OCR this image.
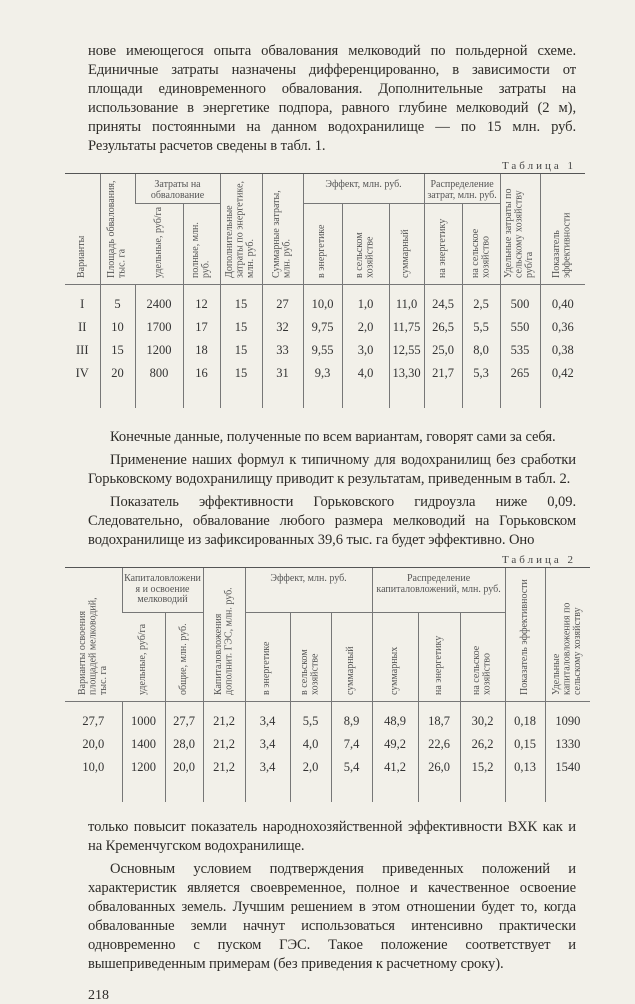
нове имеющегося опыта обвалования мелководий по польдерной схеме. Единичные затраты назначены дифференцированно, в зависимости от площади единовременного обвалования. Дополнительные затраты на использование в энергетике подпора, равного глубине мелководий (2 м), приняты постоянными на данном водохранилище — по 15 млн. руб. Результаты расчетов сведены в табл. 1.
Таблица 1
Варианты	Площадь обвалования, тыс. га	Затраты на обвалование		Дополнительные затраты по энергетике, млн. руб.	Суммарные затраты, млн. руб.	Эффект, млн. руб.			Распределение затрат, млн. руб.		Удельные затраты по сельскому хозяйству руб/га	Показатель эффективности
		удельные, руб/га	полные, млн. руб.			в энергетике	в сельском хозяйстве	суммарный	на энергетику	на сельское хозяйство		
I	5	2400	12	15	27	10,0	1,0	11,0	24,5	2,5	500	0,40
II	10	1700	17	15	32	9,75	2,0	11,75	26,5	5,5	550	0,36
III	15	1200	18	15	33	9,55	3,0	12,55	25,0	8,0	535	0,38
IV	20	800	16	15	31	9,3	4,0	13,30	21,7	5,3	265	0,42

Конечные данные, полученные по всем вариантам, говорят сами за себя.
Применение наших формул к типичному для водохранилищ без сработки Горьковскому водохранилищу приводит к результатам, приведенным в табл. 2.
Показатель эффективности Горьковского гидроузла ниже 0,09. Следовательно, обвалование любого размера мелководий на Горьковском водохранилище из зафиксированных 39,6 тыс. га будет эффективно. Оно
Таблица 2
Варианты освоения площадей мелководий, тыс. га	Капиталовложения и освоение мелководий		Капиталовложения дополнит. ГЭС, млн. руб.	Эффект, млн. руб.			Распределение капиталовложений, млн. руб.			Показатель эффективности	Удельные капиталовложения по сельскому хозяйству
	удельные, руб/га	общие, млн. руб.		в энергетике	в сельском хозяйстве	суммарный	суммарных	на энергетику	на сельское хозяйство		
27,7	1000	27,7	21,2	3,4	5,5	8,9	48,9	18,7	30,2	0,18	1090
20,0	1400	28,0	21,2	3,4	4,0	7,4	49,2	22,6	26,2	0,15	1330
10,0	1200	20,0	21,2	3,4	2,0	5,4	41,2	26,0	15,2	0,13	1540

только повысит показатель народнохозяйственной эффективности ВХК как и на Кременчугском водохранилище.
Основным условием подтверждения приведенных положений и характеристик является своевременное, полное и качественное освоение обвалованных земель. Лучшим решением в этом отношении будет то, когда обвалованные земли начнут использоваться интенсивно практически одновременно с пуском ГЭС. Такое положение соответствует и вышеприведенным примерам (без приведения к расчетному сроку).
218
